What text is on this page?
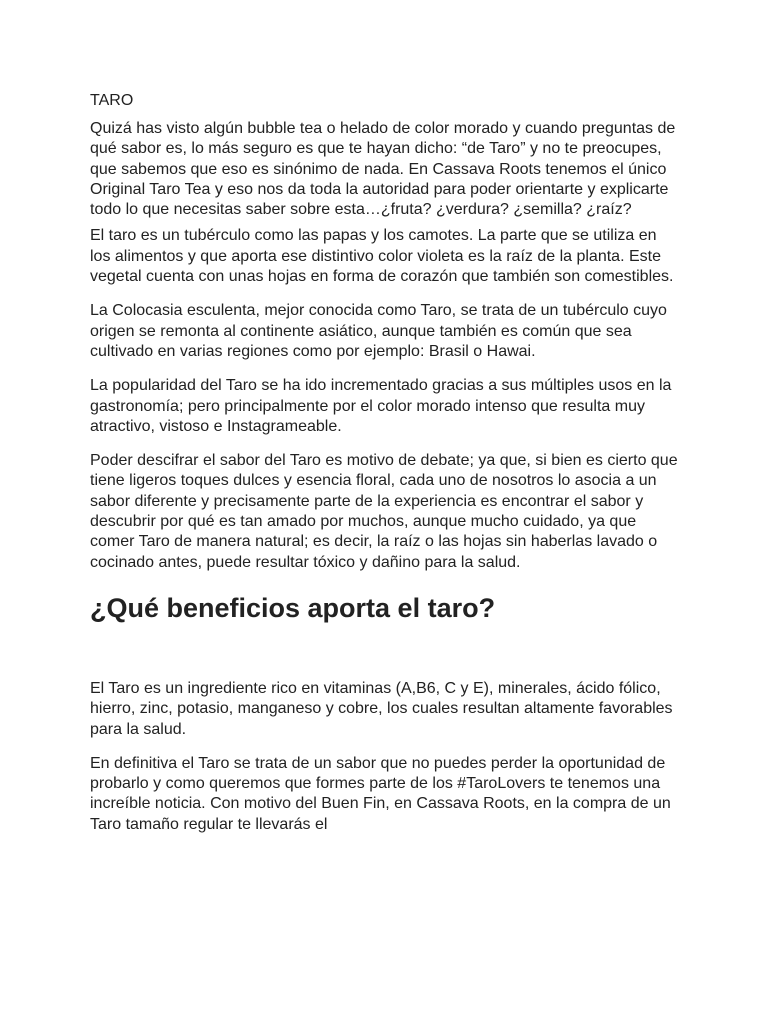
TARO

Quizá has visto algún bubble tea o helado de color morado y cuando preguntas de qué sabor es, lo más seguro es que te hayan dicho: “de Taro” y no te preocupes, que sabemos que eso es sinónimo de nada. En Cassava Roots tenemos el único Original Taro Tea y eso nos da toda la autoridad para poder orientarte y explicarte todo lo que necesitas saber sobre esta…¿fruta? ¿verdura? ¿semilla? ¿raíz?

El taro es un tubérculo como las papas y los camotes. La parte que se utiliza en los alimentos y que aporta ese distintivo color violeta es la raíz de la planta. Este vegetal cuenta con unas hojas en forma de corazón que también son comestibles.

La Colocasia esculenta, mejor conocida como Taro, se trata de un tubérculo cuyo origen se remonta al continente asiático, aunque también es común que sea cultivado en varias regiones como por ejemplo: Brasil o Hawai.

La popularidad del Taro se ha ido incrementado gracias a sus múltiples usos en la gastronomía; pero principalmente por el color morado intenso que resulta muy atractivo, vistoso e Instagrameable.

Poder descifrar el sabor del Taro es motivo de debate; ya que, si bien es cierto que tiene ligeros toques dulces y esencia floral, cada uno de nosotros lo asocia a un sabor diferente y precisamente parte de la experiencia es encontrar el sabor y descubrir por qué es tan amado por muchos, aunque mucho cuidado, ya que comer Taro de manera natural; es decir, la raíz o las hojas sin haberlas lavado o cocinado antes, puede resultar tóxico y dañino para la salud.

¿Qué beneficios aporta el taro?

El Taro es un ingrediente rico en vitaminas (A,B6, C y E), minerales, ácido fólico, hierro, zinc, potasio, manganeso y cobre, los cuales resultan altamente favorables para la salud.

En definitiva el Taro se trata de un sabor que no puedes perder la oportunidad de probarlo y como queremos que formes parte de los #TaroLovers te tenemos una increíble noticia. Con motivo del Buen Fin, en Cassava Roots, en la compra de un Taro tamaño regular te llevarás el
